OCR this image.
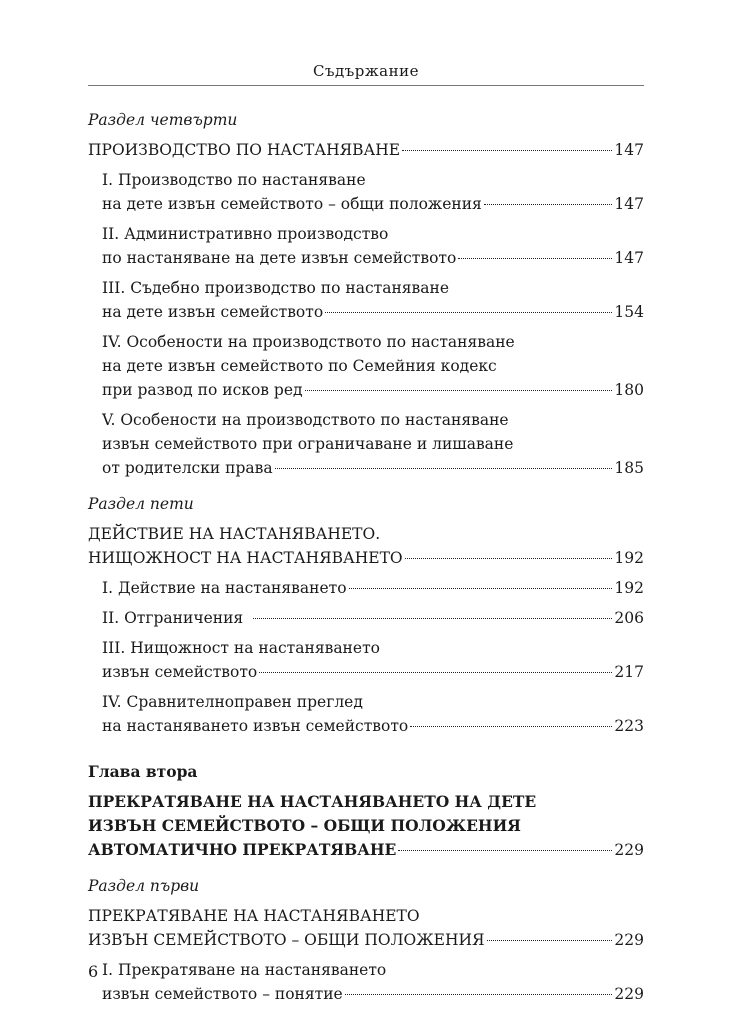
Съдържание
Раздел четвърти
ПРОИЗВОДСТВО ПО НАСТАНЯВАНЕ	147
I. Производство по настаняване
на дете извън семейството – общи положения	147
II. Административно производство
по настаняване на дете извън семейството	147
III. Съдебно производство по настаняване
на дете извън семейството	154
IV. Особености на производството по настаняване
на дете извън семейството по Семейния кодекс
при развод по исков ред	180
V. Особености на производството по настаняване
извън семейството при ограничаване и лишаване
от родителски права	185
Раздел пети
ДЕЙСТВИЕ НА НАСТАНЯВАНЕТО.
НИЩОЖНОСТ НА НАСТАНЯВАНЕТО	192
I. Действие на настаняването	192
II. Отграничения	206
III. Нищожност на настаняването
извън семейството	217
IV. Сравнителноправен преглед
на настаняването извън семейството	223
Глава втора
ПРЕКРАТЯВАНЕ НА НАСТАНЯВАНЕТО НА ДЕТЕ
ИЗВЪН СЕМЕЙСТВОТО – ОБЩИ ПОЛОЖЕНИЯ
АВТОМАТИЧНО ПРЕКРАТЯВАНЕ	229
Раздел първи
ПРЕКРАТЯВАНЕ НА НАСТАНЯВАНЕТО
ИЗВЪН СЕМЕЙСТВОТО – ОБЩИ ПОЛОЖЕНИЯ	229
I. Прекратяване на настаняването
извън семейството – понятие	229
6
